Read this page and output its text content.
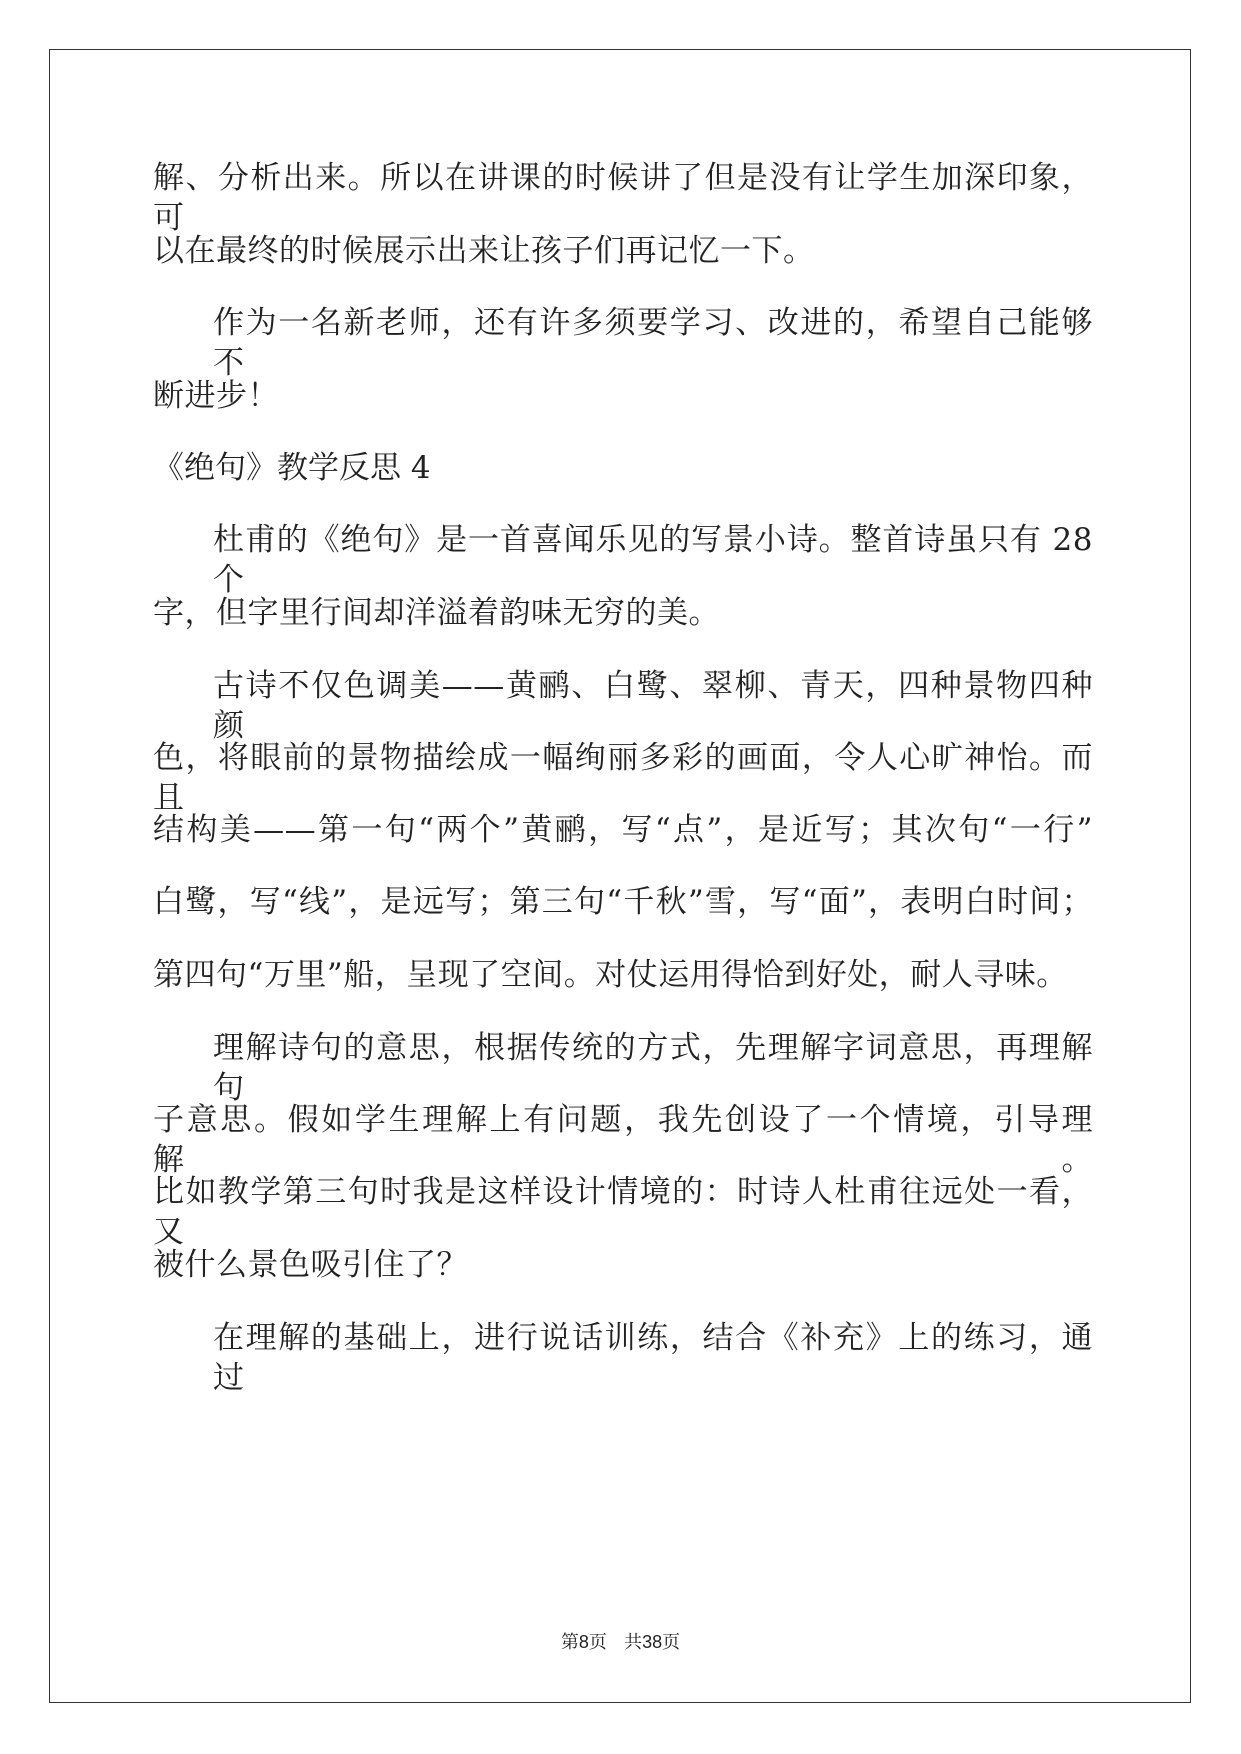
解、分析出来。所以在讲课的时候讲了但是没有让学生加深印象，可
以在最终的时候展示出来让孩子们再记忆一下。
作为一名新老师，还有许多须要学习、改进的，希望自己能够不
断进步！
《绝句》教学反思 4
杜甫的《绝句》是一首喜闻乐见的写景小诗。整首诗虽只有 28 个
字，但字里行间却洋溢着韵味无穷的美。
古诗不仅色调美——黄鹂、白鹭、翠柳、青天，四种景物四种颜
色，将眼前的景物描绘成一幅绚丽多彩的画面，令人心旷神怡。而且
结构美——第一句“两个”黄鹂，写“点”，是近写；其次句“一行”
白鹭，写“线”，是远写；第三句“千秋”雪，写“面”，表明白时间；
第四句“万里”船，呈现了空间。对仗运用得恰到好处，耐人寻味。
理解诗句的意思，根据传统的方式，先理解字词意思，再理解句
子意思。假如学生理解上有问题，我先创设了一个情境，引导理解。
比如教学第三句时我是这样设计情境的：时诗人杜甫往远处一看，又
被什么景色吸引住了？
在理解的基础上，进行说话训练，结合《补充》上的练习，通过
第8页 共38页
